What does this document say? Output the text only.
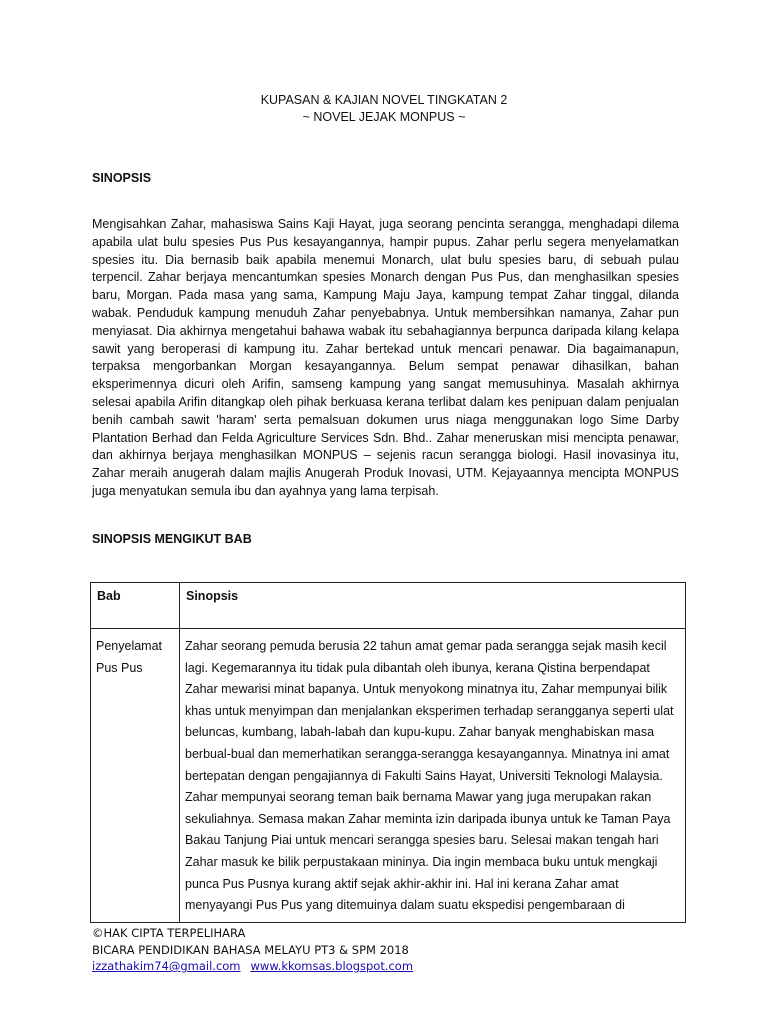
KUPASAN & KAJIAN NOVEL TINGKATAN 2
~ NOVEL JEJAK MONPUS ~
SINOPSIS

Mengisahkan Zahar, mahasiswa Sains Kaji Hayat, juga seorang pencinta serangga, menghadapi dilema apabila ulat bulu spesies Pus Pus kesayangannya, hampir pupus. Zahar perlu segera menyelamatkan spesies itu. Dia bernasib baik apabila menemui Monarch, ulat bulu spesies baru, di sebuah pulau terpencil. Zahar berjaya mencantumkan spesies Monarch dengan Pus Pus, dan menghasilkan spesies baru, Morgan. Pada masa yang sama, Kampung Maju Jaya, kampung tempat Zahar tinggal, dilanda wabak. Penduduk kampung menuduh Zahar penyebabnya. Untuk membersihkan namanya, Zahar pun menyiasat. Dia akhirnya mengetahui bahawa wabak itu sebahagiannya berpunca daripada kilang kelapa sawit yang beroperasi di kampung itu. Zahar bertekad untuk mencari penawar. Dia bagaimanapun, terpaksa mengorbankan Morgan kesayangannya. Belum sempat penawar dihasilkan, bahan eksperimennya dicuri oleh Arifin, samseng kampung yang sangat memusuhinya. Masalah akhirnya selesai apabila Arifin ditangkap oleh pihak berkuasa kerana terlibat dalam kes penipuan dalam penjualan benih cambah sawit 'haram' serta pemalsuan dokumen urus niaga menggunakan logo Sime Darby Plantation Berhad dan Felda Agriculture Services Sdn. Bhd.. Zahar meneruskan misi mencipta penawar, dan akhirnya berjaya menghasilkan MONPUS – sejenis racun serangga biologi. Hasil inovasinya itu, Zahar meraih anugerah dalam majlis Anugerah Produk Inovasi, UTM. Kejayaannya mencipta MONPUS juga menyatukan semula ibu dan ayahnya yang lama terpisah.

SINOPSIS MENGIKUT BAB
Bab	Sinopsis
Penyelamat Pus Pus	Zahar seorang pemuda berusia 22 tahun amat gemar pada serangga sejak masih kecil lagi. Kegemarannya itu tidak pula dibantah oleh ibunya, kerana Qistina berpendapat Zahar mewarisi minat bapanya. Untuk menyokong minatnya itu, Zahar mempunyai bilik khas untuk menyimpan dan menjalankan eksperimen terhadap serangganya seperti ulat beluncas, kumbang, labah-labah dan kupu-kupu. Zahar banyak menghabiskan masa berbual-bual dan memerhatikan serangga-serangga kesayangannya. Minatnya ini amat bertepatan dengan pengajiannya di Fakulti Sains Hayat, Universiti Teknologi Malaysia.

Zahar mempunyai seorang teman baik bernama Mawar yang juga merupakan rakan sekuliahnya. Semasa makan Zahar meminta izin daripada ibunya untuk ke Taman Paya Bakau Tanjung Piai untuk mencari serangga spesies baru. Selesai makan tengah hari Zahar masuk ke bilik perpustakaan mininya. Dia ingin membaca buku untuk mengkaji punca Pus Pusnya kurang aktif sejak akhir-akhir ini. Hal ini kerana Zahar amat menyayangi Pus Pus yang ditemuinya dalam suatu ekspedisi pengembaraan di

©HAK CIPTA TERPELIHARA
BICARA PENDIDIKAN BAHASA MELAYU PT3 & SPM 2018
izzathakim74@gmail.com www.kkomsas.blogspot.com
